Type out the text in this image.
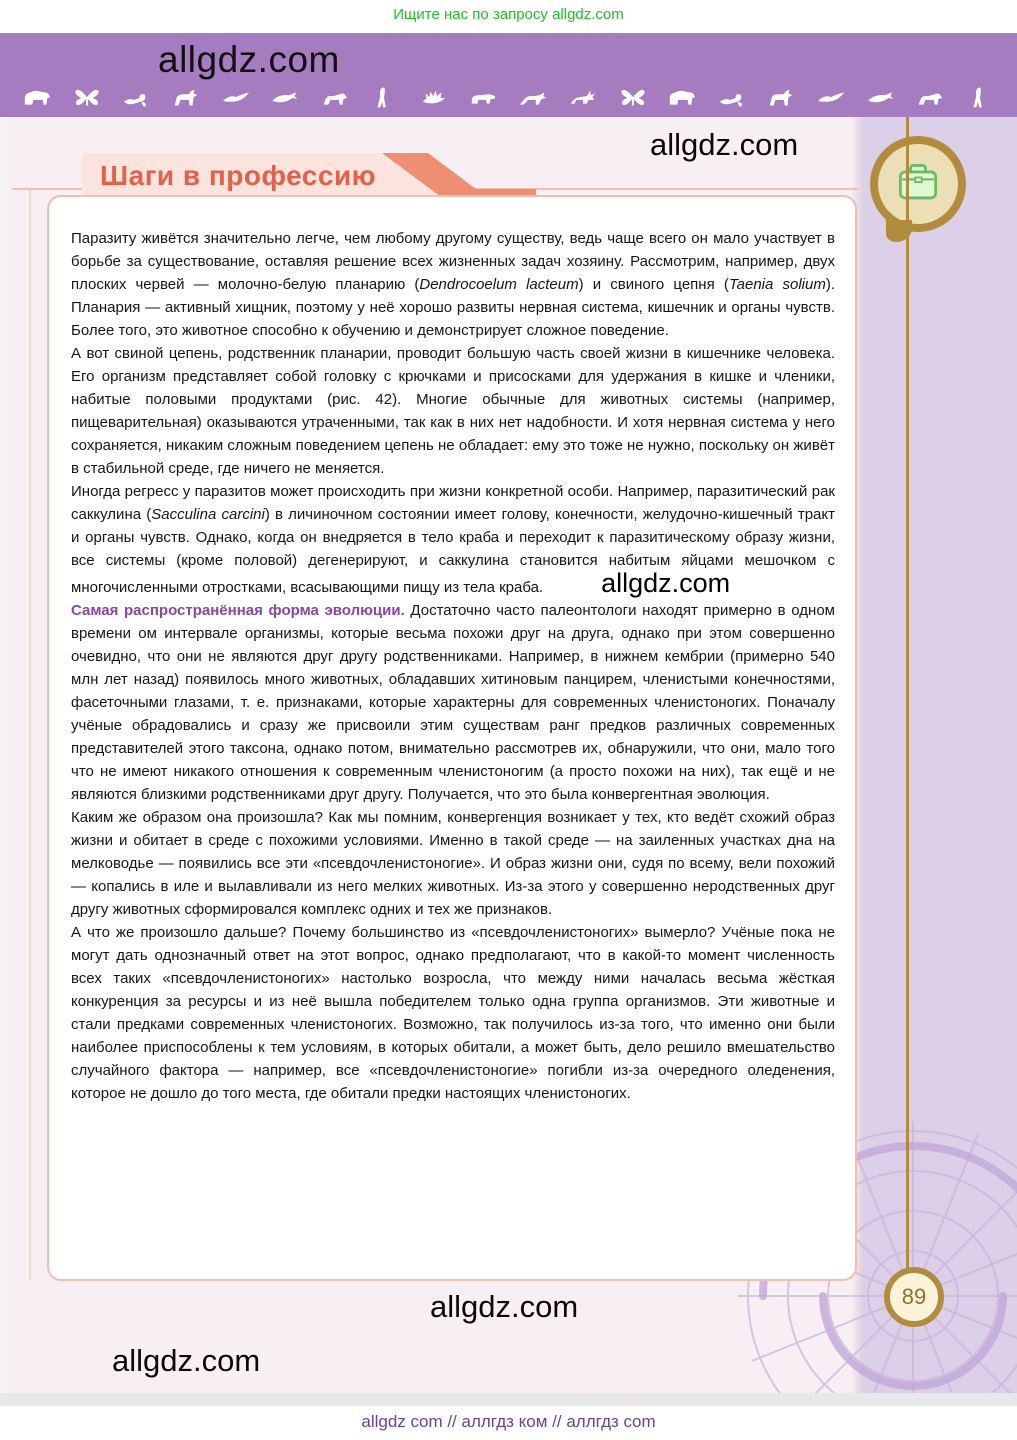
Ищите нас по запросу allgdz.com
allgdz.com
89
Шаги в профессию

Паразиту живётся значительно легче, чем любому другому существу, ведь чаще всего он мало участвует в борьбе за существование, оставляя решение всех жизненных задач хозяину. Рассмотрим, например, двух плоских червей — молочно-белую планарию (Dendrocoelum lacteum) и свиного цепня (Taenia solium). Планария — активный хищник, поэтому у неё хорошо развиты нервная система, кишечник и органы чувств. Более того, это животное способно к обучению и демонстрирует сложное поведение.

А вот свиной цепень, родственник планарии, проводит большую часть своей жизни в кишечнике человека. Его организм представляет собой головку с крючками и присосками для удержания в кишке и членики, набитые половыми продуктами (рис. 42). Многие обычные для животных системы (например, пищеварительная) оказываются утраченными, так как в них нет надобности. И хотя нервная система у него сохраняется, никаким сложным поведением цепень не обладает: ему это тоже не нужно, поскольку он живёт в стабильной среде, где ничего не меняется.

Иногда регресс у паразитов может происходить при жизни конкретной особи. Например, паразитический рак саккулина (Sacculina carcini) в личиночном состоянии имеет голову, конечности, желудочно-кишечный тракт и органы чувств. Однако, когда он внедряется в тело краба и переходит к паразитическому образу жизни, все системы (кроме половой) дегенерируют, и саккулина становится набитым яйцами мешочком с многочисленными отростками, всасывающими пищу из тела краба. allgdz.com

Самая распространённая форма эволюции. Достаточно часто палеонтологи находят примерно в одном времени ом интервале организмы, которые весьма похожи друг на друга, однако при этом совершенно очевидно, что они не являются друг другу родственниками. Например, в нижнем кембрии (примерно 540 млн лет назад) появилось много животных, обладавших хитиновым панцирем, членистыми конечностями, фасеточными глазами, т. е. признаками, которые характерны для современных членистоногих. Поначалу учёные обрадовались и сразу же присвоили этим существам ранг предков различных современных представителей этого таксона, однако потом, внимательно рассмотрев их, обнаружили, что они, мало того что не имеют никакого отношения к современным членистоногим (а просто похожи на них), так ещё и не являются близкими родственниками друг другу. Получается, что это была конвергентная эволюция.

Каким же образом она произошла? Как мы помним, конвергенция возникает у тех, кто ведёт схожий образ жизни и обитает в среде с похожими условиями. Именно в такой среде — на заиленных участках дна на мелководье — появились все эти «псевдочленистоногие». И образ жизни они, судя по всему, вели похожий — копались в иле и вылавливали из него мелких животных. Из-за этого у совершенно неродственных друг другу животных сформировался комплекс одних и тех же признаков.

А что же произошло дальше? Почему большинство из «псевдочленистоногих» вымерло? Учёные пока не могут дать однозначный ответ на этот вопрос, однако предполагают, что в какой-то момент численность всех таких «псевдочленистоногих» настолько возросла, что между ними началась весьма жёсткая конкуренция за ресурсы и из неё вышла победителем только одна группа организмов. Эти животные и стали предками современных членистоногих. Возможно, так получилось из-за того, что именно они были наиболее приспособлены к тем условиям, в которых обитали, а может быть, дело решило вмешательство случайного фактора — например, все «псевдочленистоногие» погибли из-за очередного оледенения, которое не дошло до того места, где обитали предки настоящих членистоногих.

allgdz.com
allgdz.com
allgdz.com
allgdz com // аллгдз ком // аллгдз com
